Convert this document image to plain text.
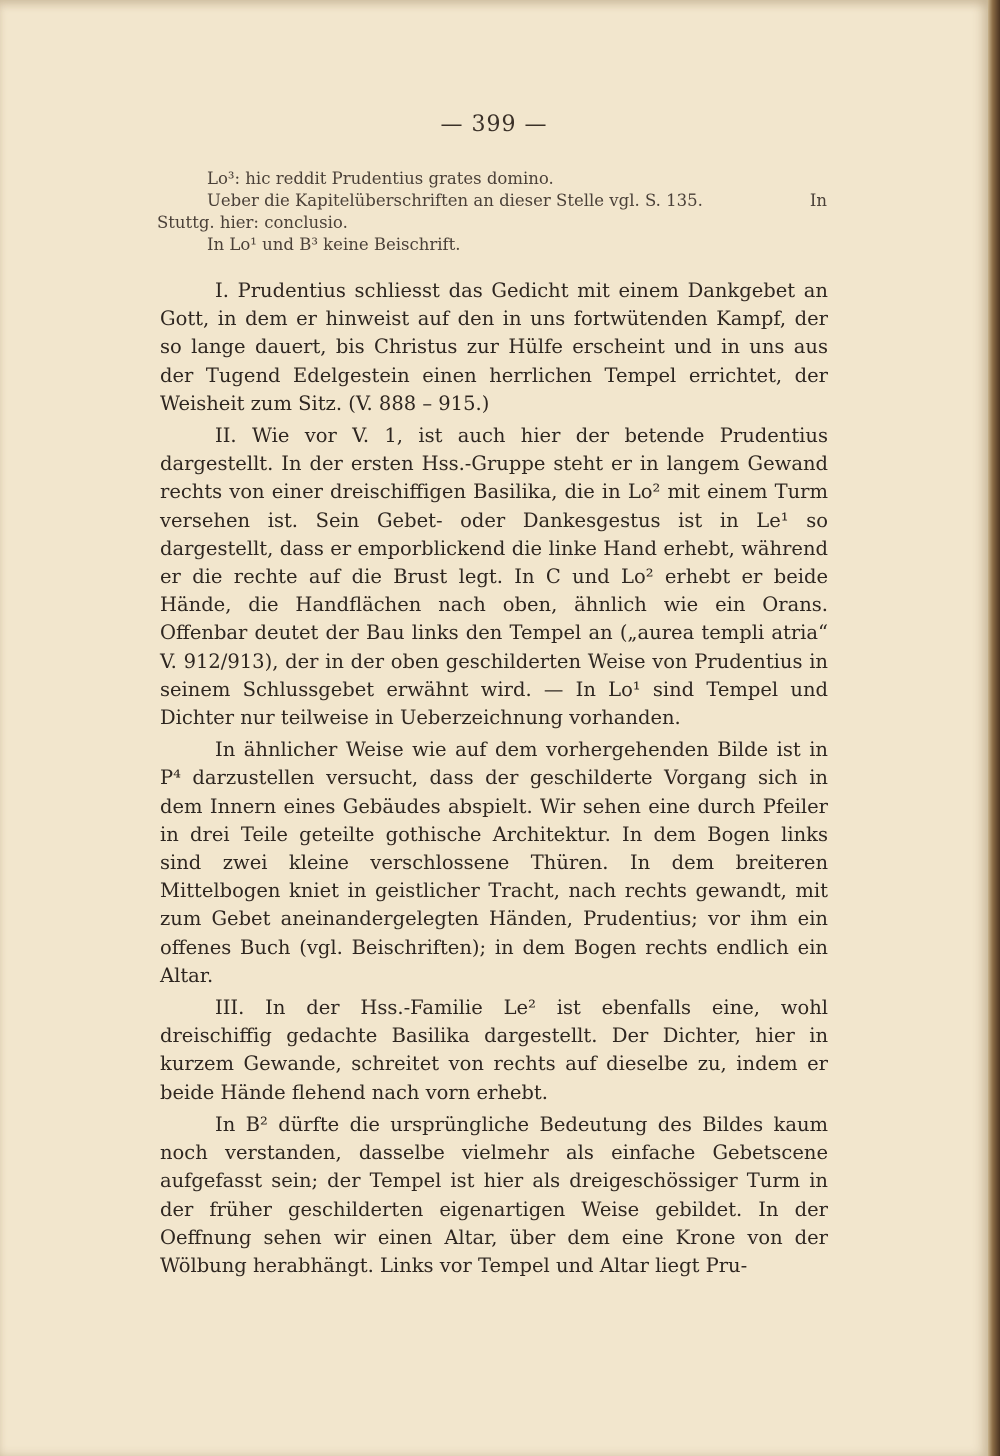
— 399 —
Lo³: hic reddit Prudentius grates domino.
Ueber die Kapitelüberschriften an dieser Stelle vgl. S. 135.	In
Stuttg. hier: conclusio.
In Lo¹ und B³ keine Beischrift.

I. Prudentius schliesst das Gedicht mit einem Dankgebet an Gott, in dem er hinweist auf den in uns fortwütenden Kampf, der so lange dauert, bis Christus zur Hülfe erscheint und in uns aus der Tugend Edelgestein einen herrlichen Tempel errichtet, der Weisheit zum Sitz. (V. 888 – 915.)

II. Wie vor V. 1, ist auch hier der betende Prudentius dargestellt. In der ersten Hss.-Gruppe steht er in langem Gewand rechts von einer dreischiffigen Basilika, die in Lo² mit einem Turm versehen ist. Sein Gebet- oder Dankesgestus ist in Le¹ so dargestellt, dass er emporblickend die linke Hand erhebt, während er die rechte auf die Brust legt. In C und Lo² erhebt er beide Hände, die Handflächen nach oben, ähnlich wie ein Orans. Offenbar deutet der Bau links den Tempel an („aurea templi atria“ V. 912/913), der in der oben geschilderten Weise von Prudentius in seinem Schlussgebet erwähnt wird. — In Lo¹ sind Tempel und Dichter nur teilweise in Ueberzeichnung vorhanden.

In ähnlicher Weise wie auf dem vorhergehenden Bilde ist in P⁴ darzustellen versucht, dass der geschilderte Vorgang sich in dem Innern eines Gebäudes abspielt. Wir sehen eine durch Pfeiler in drei Teile geteilte gothische Architektur. In dem Bogen links sind zwei kleine verschlossene Thüren. In dem breiteren Mittelbogen kniet in geistlicher Tracht, nach rechts gewandt, mit zum Gebet aneinandergelegten Händen, Prudentius; vor ihm ein offenes Buch (vgl. Beischriften); in dem Bogen rechts endlich ein Altar.

III. In der Hss.-Familie Le² ist ebenfalls eine, wohl dreischiffig gedachte Basilika dargestellt. Der Dichter, hier in kurzem Gewande, schreitet von rechts auf dieselbe zu, indem er beide Hände flehend nach vorn erhebt.

In B² dürfte die ursprüngliche Bedeutung des Bildes kaum noch verstanden, dasselbe vielmehr als einfache Gebetscene aufgefasst sein; der Tempel ist hier als dreigeschössiger Turm in der früher geschilderten eigenartigen Weise gebildet. In der Oeffnung sehen wir einen Altar, über dem eine Krone von der Wölbung herabhängt. Links vor Tempel und Altar liegt Pru-
